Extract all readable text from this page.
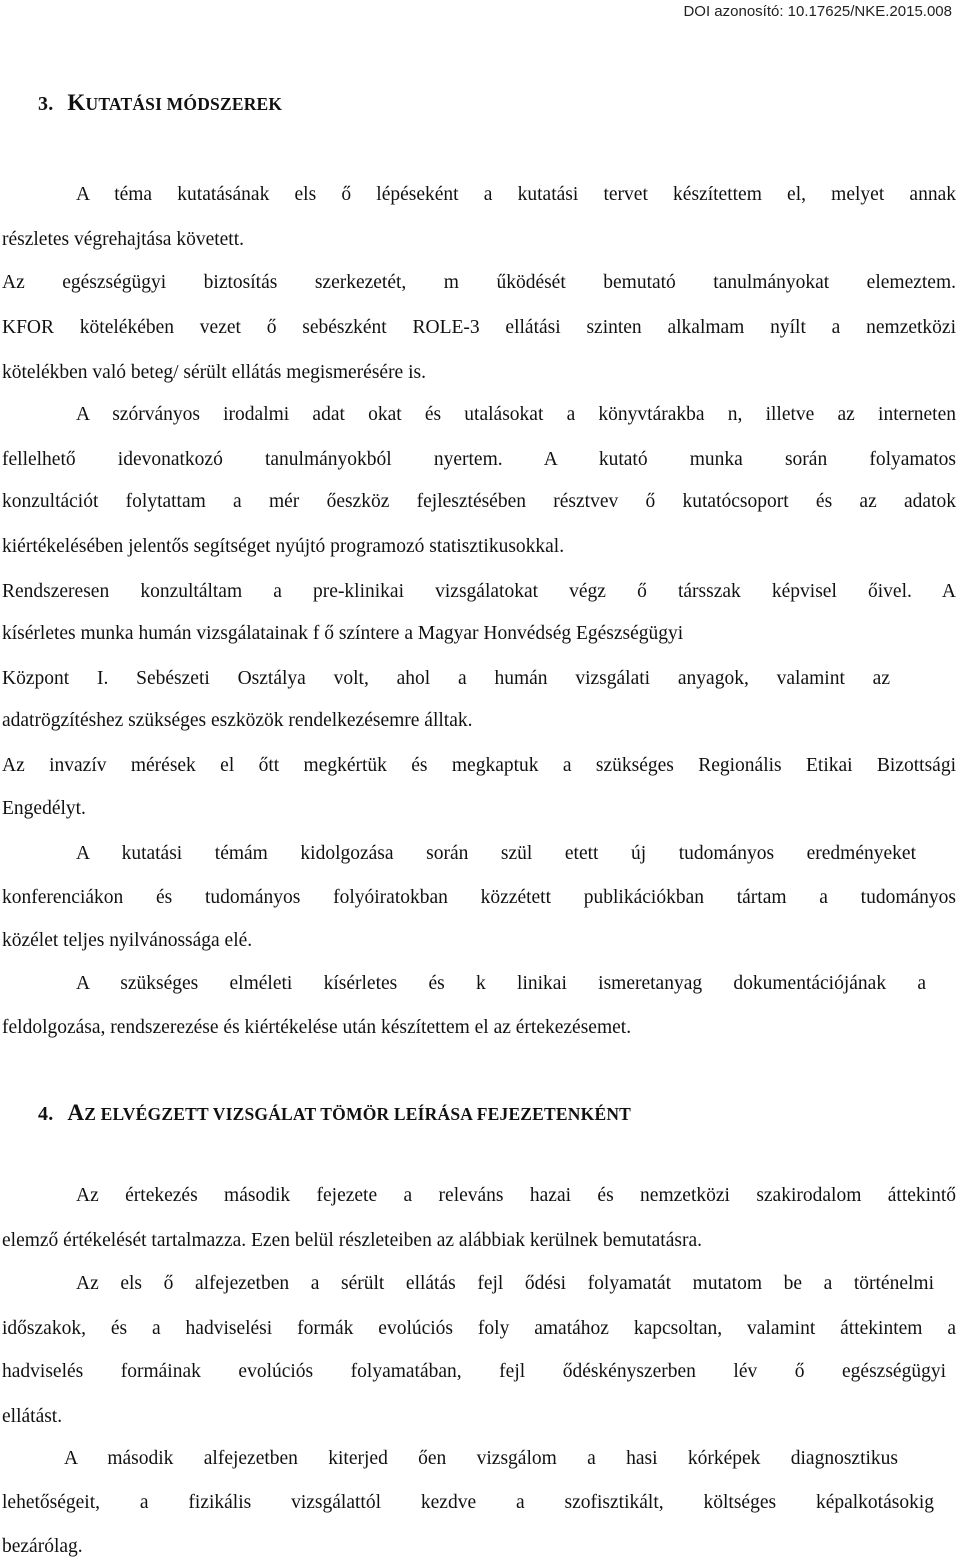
DOI azonosító: 10.17625/NKE.2015.008
3. KUTATÁSI MÓDSZEREK
A téma kutatásának els ő lépéseként a kutatási tervet készítettem el, melyet annak
részletes végrehajtása követett.
Az egészségügyi biztosítás szerkezetét, m űködését bemutató tanulmányokat elemeztem.
KFOR kötelékében vezet ő sebészként ROLE-3 ellátási szinten alkalmam nyílt a nemzetközi
kötelékben való beteg/ sérült ellátás megismerésére is.
A szórványos irodalmi adat okat és utalásokat a könyvtárakba n, illetve az interneten
fellelhető idevonatkozó tanulmányokból nyertem. A kutató munka során folyamatos
konzultációt folytattam a mér őeszköz fejlesztésében résztvev ő kutatócsoport és az adatok
kiértékelésében jelentős segítséget nyújtó programozó statisztikusokkal.
Rendszeresen konzultáltam a pre-klinikai vizsgálatokat végz ő társszak képvisel őivel. A
kísérletes munka humán vizsgálatainak f ő színtere a Magyar Honvédség Egészségügyi
Központ I. Sebészeti Osztálya volt, ahol a humán vizsgálati anyagok, valamint az
adatrögzítéshez szükséges eszközök rendelkezésemre álltak.
Az invazív mérések el őtt megkértük és megkaptuk a szükséges Regionális Etikai Bizottsági
Engedélyt.
A kutatási témám kidolgozása során szül etett új tudományos eredményeket
konferenciákon és tudományos folyóiratokban közzétett publikációkban tártam a tudományos
közélet teljes nyilvánossága elé.
A szükséges elméleti kísérletes és k linikai ismeretanyag dokumentációjának a
feldolgozása, rendszerezése és kiértékelése után készítettem el az értekezésemet.
4. AZ ELVÉGZETT VIZSGÁLAT TÖMÖR LEÍRÁSA FEJEZETENKÉNT
Az értekezés második fejezete a releváns hazai és nemzetközi szakirodalom áttekintő
elemző értékelését tartalmazza. Ezen belül részleteiben az alábbiak kerülnek bemutatásra.
Az els ő alfejezetben a sérült ellátás fejl ődési folyamatát mutatom be a történelmi
időszakok, és a hadviselési formák evolúciós foly amatához kapcsoltan, valamint áttekintem a
hadviselés formáinak evolúciós folyamatában, fejl ődéskényszerben lév ő egészségügyi
ellátást.
A második alfejezetben kiterjed ően vizsgálom a hasi kórképek diagnosztikus
lehetőségeit, a fizikális vizsgálattól kezdve a szofisztikált, költséges képalkotásokig
bezárólag.
